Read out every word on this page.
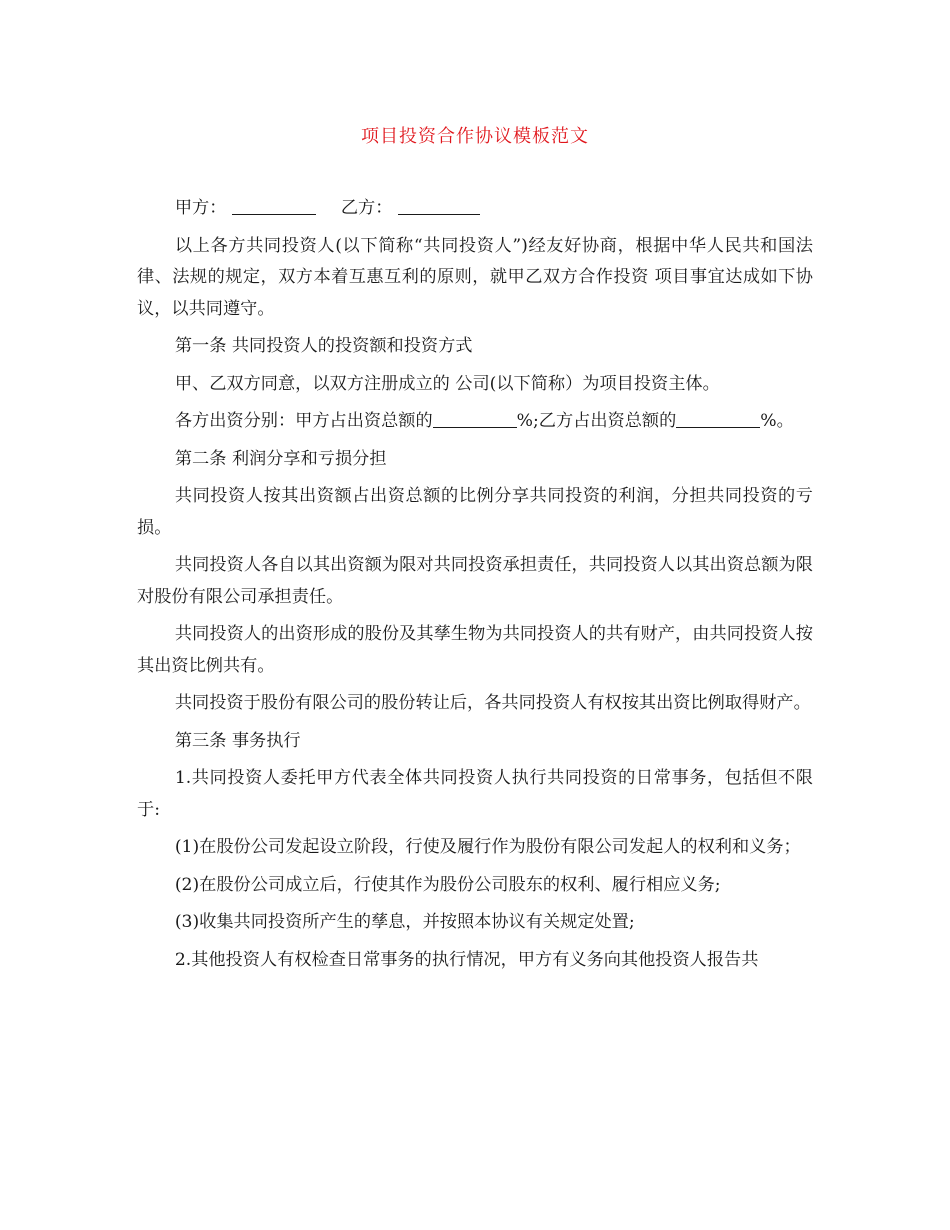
项目投资合作协议模板范文

甲方：	乙方：

以上各方共同投资人(以下简称“共同投资人”)经友好协商，根据中华人民共和国法律、法规的规定，双方本着互惠互利的原则，就甲乙双方合作投资 项目事宜达成如下协议，以共同遵守。

第一条 共同投资人的投资额和投资方式

甲、乙双方同意，以双方注册成立的 公司(以下简称）为项目投资主体。

各方出资分别：甲方占出资总额的	%;乙方占出资总额的	%。

第二条 利润分享和亏损分担

共同投资人按其出资额占出资总额的比例分享共同投资的利润，分担共同投资的亏损。

共同投资人各自以其出资额为限对共同投资承担责任，共同投资人以其出资总额为限对股份有限公司承担责任。

共同投资人的出资形成的股份及其孳生物为共同投资人的共有财产，由共同投资人按其出资比例共有。

共同投资于股份有限公司的股份转让后，各共同投资人有权按其出资比例取得财产。

第三条 事务执行

1.共同投资人委托甲方代表全体共同投资人执行共同投资的日常事务，包括但不限于:

(1)在股份公司发起设立阶段，行使及履行作为股份有限公司发起人的权利和义务；

(2)在股份公司成立后，行使其作为股份公司股东的权利、履行相应义务;

(3)收集共同投资所产生的孳息，并按照本协议有关规定处置;

2.其他投资人有权检查日常事务的执行情况，甲方有义务向其他投资人报告共
